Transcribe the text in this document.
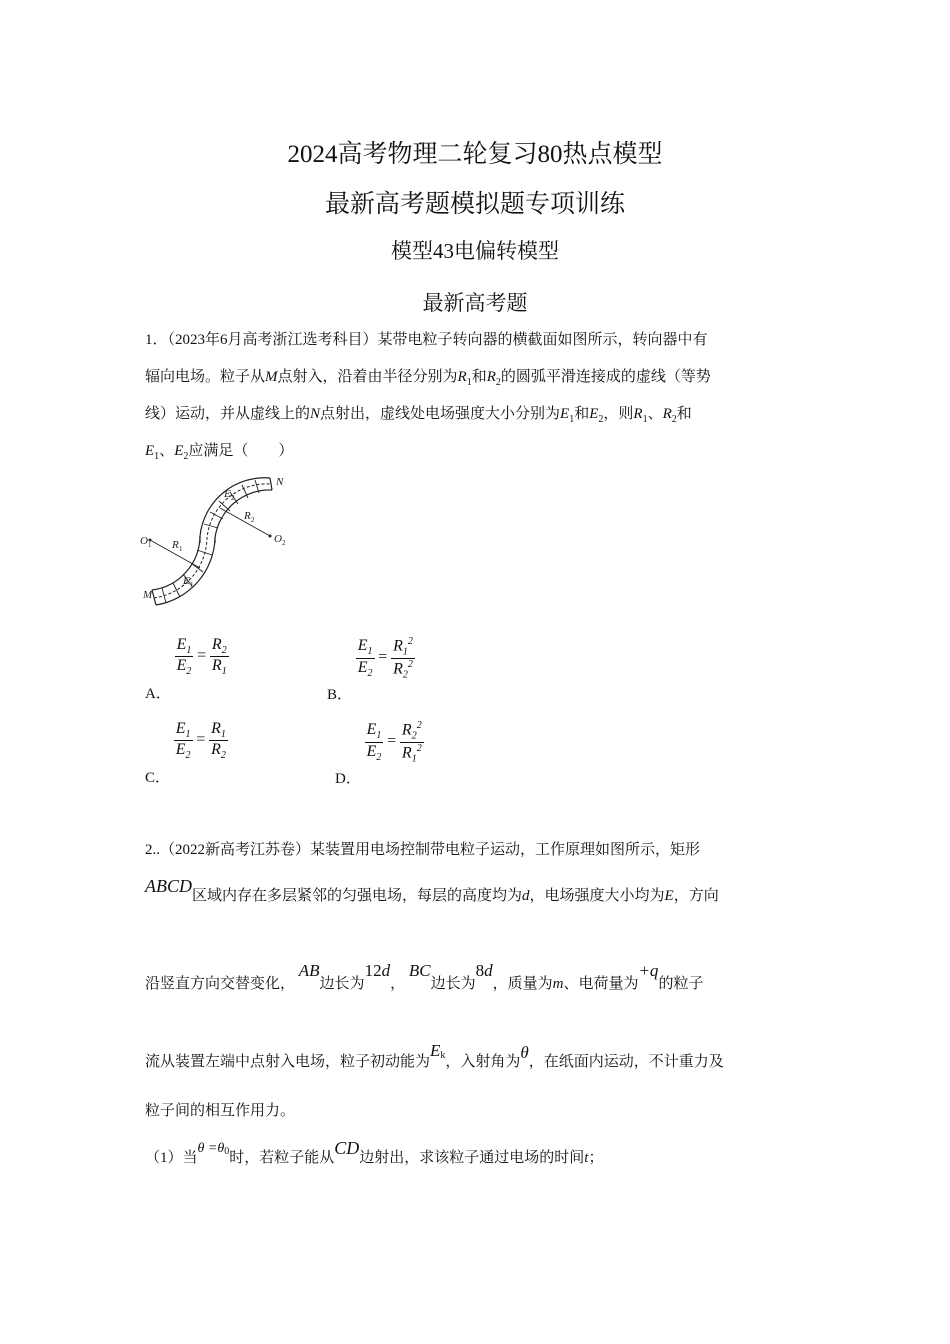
2024高考物理二轮复习80热点模型
最新高考题模拟题专项训练
模型43电偏转模型
最新高考题
1．（2023年6月高考浙江选考科目）某带电粒子转向器的横截面如图所示，转向器中有
辐向电场。粒子从M点射入，沿着由半径分别为$R_1$和$R_2$的圆弧平滑连接成的虚线（等势
线）运动，并从虚线上的N点射出，虚线处电场强度大小分别为$E_1$和$E_2$，则$R_1$、$R_2$和
$E_1$、$E_2$应满足（　　）
N
O 1	O 2
R 1
R 2
E 1
E 2
M
A．
$\frac{E_1}{E_2} = \frac{R_2}{R_1}$
B．
$\frac{E_1}{E_2} = \frac{R_1^2}{R_2^2}$
C．
$\frac{E_1}{E_2} = \frac{R_1}{R_2}$
D．
$\frac{E_1}{E_2} = \frac{R_2^2}{R_1^2}$
2..（2022新高考江苏卷）某装置用电场控制带电粒子运动，工作原理如图所示，矩形
ABCD区域内存在多层紧邻的匀强电场，每层的高度均为d，电场强度大小均为E，方向
沿竖直方向交替变化， AB边长为12d， BC边长为8d，质量为m、电荷量为+q的粒子
流从装置左端中点射入电场，粒子初动能为$E_k$，入射角为θ，在纸面内运动，不计重力及
粒子间的相互作用力。
（1）当$\theta =\theta_0$时，若粒子能从CD边射出，求该粒子通过电场的时间t；
